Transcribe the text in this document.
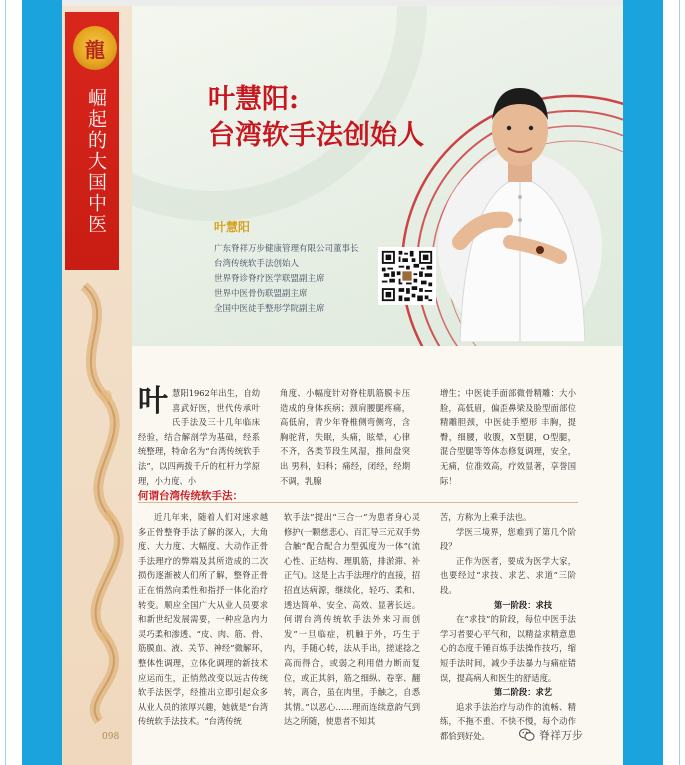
龍
崛起的大国中医
098
叶慧阳:
台湾软手法创始人
叶慧阳
广东脊祥万步健康管理有限公司董事长
台湾传统软手法创始人
世界脊诊脊疗医学联盟副主席
世界中医骨伤联盟副主席
全国中医徒手整形学院副主席
叶慧阳1962年出生，自幼喜武好医，世代传承叶氏手法及三十几年临床经验，结合解剖学为基础，经系统整理，特命名为“台湾传统软手法”，以四两拨千斤的杠杆力学原理，小力度、小
角度、小幅度针对脊柱肌筋膜卡压造成的身体疾病；颈肩腰腿疼痛，高低肩，青少年脊椎侧弯侧弯，含胸驼背，失眠，头痛，眩晕，心律不齐，各类节段生风湿，推间盘突出 男科，妇科；痛经，闭经，经期不调，乳腺
增生；中医徒手面部微骨精雕：大小脸，高低眉，偏歪鼻梁及脸型面部位精雕胆颈，中医徒手塑形 丰胸，提臀，细腰，收腹，X型腿，O型腿，混合型腿等等体态修复调理，安全，无痛，位准效高，疗效显著，享誉国际！
何谓台湾传统软手法：
近几年来，随着人们对速求越多正骨整脊手法了解的深入，大角度、大力度、大幅度、大动作正骨手法理疗的弊端及其所造成的二次损伤逐渐被人们所了解，整脊正骨正在悄然向柔性和指抒一体化治疗转变。顺应全国广大从业人员要求和新世纪发展需要，一种应急内力灵巧柔和渗透、“皮、肉、筋、骨、筋膜血、液、关节、神经”微解环，整体性调理，立体化调理的新技术应运而生，正悄然改变以远古传统软手法医学，经推出立即引起众多从业人员的浓厚兴趣，她就是“台湾传统软手法技术。“台湾传统
软手法”提出“三合一”为患者身心灵修护(一颗慈悲心、百汇导三元双手势合触“配合配合力型弧度为一体”(流心性、正结构、理肌筋，排淤滞、补正气)。这是上古手法理疗的直接，招招直达病源，继续化，轻巧、柔和、透达简单、安全、高效、显著长远。何谓台湾传统软手法外来习而创发”一旦临症，机触于外，巧生于内，手随心转，法从手出，搓逑捻之高而得合，或弱之利用借力断而复位，或正其斜，筋之细纵、卷挛、翻转，离合，虽在肉里，手触之，自悉其情。”以恶心……理而连续意韵气到达之所随，使患者不知其
苦，方称为上乘手法也。
学医三境界，您难到了第几个阶段？
正作为医者，要成为医学大家，也要经过“求技、求艺、求道”三阶段。
第一阶段：求技
在“求技”的阶段，每位中医手法学习者要心平气和，以精益求精意患心的态度千锤百炼手法操作技巧，缩短手法时间，减少手法暴力与痛症错误，提高病人和医生的舒适度。
第二阶段：求艺
追求手法治疗与动作的流畅、精练，不拖不重、不快不慢，每个动作都恰到好处。	脊祥万步
